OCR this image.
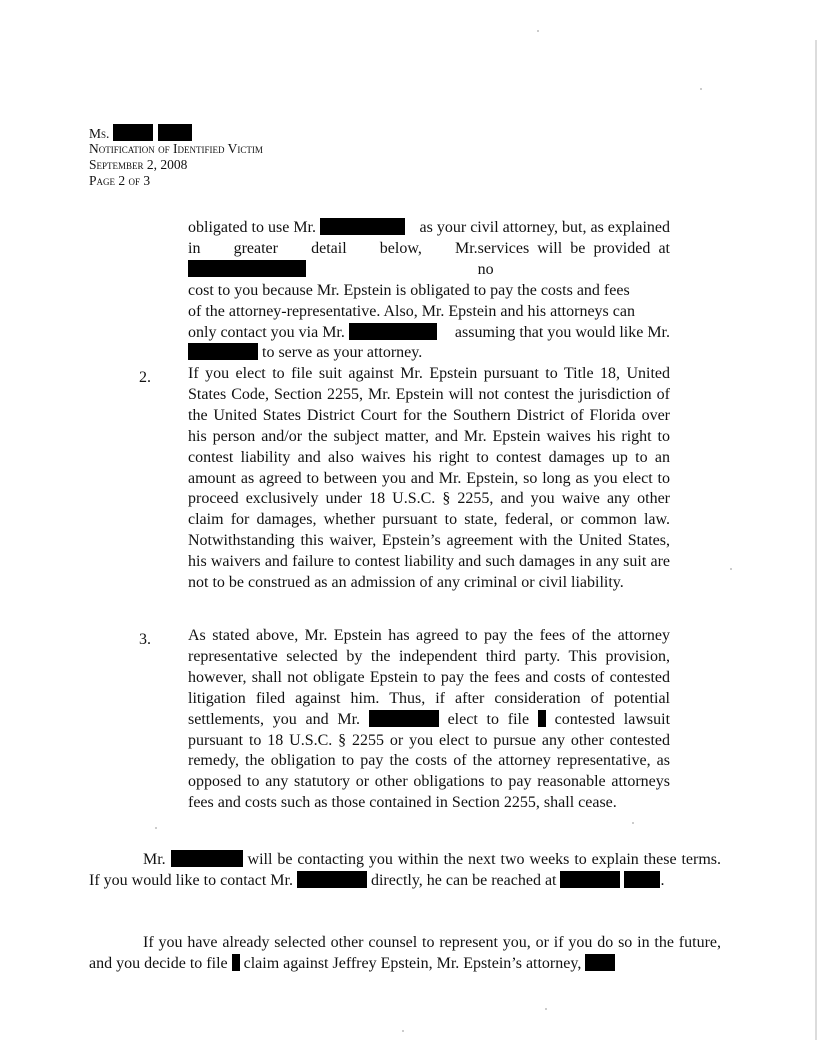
Ms.
Notification of Identified Victim
September 2, 2008
Page 2 of 3
obligated to use Mr.	as your civil attorney, but, as explained
in greater detail below, Mr. services will be provided at no
cost to you because Mr. Epstein is obligated to pay the costs and fees
of the attorney-representative. Also, Mr. Epstein and his attorneys can
only contact you via Mr.	assuming that you would like Mr.
to serve as your attorney.
2. If you elect to file suit against Mr. Epstein pursuant to Title 18, United States Code, Section 2255, Mr. Epstein will not contest the jurisdiction of the United States District Court for the Southern District of Florida over his person and/or the subject matter, and Mr. Epstein waives his right to contest liability and also waives his right to contest damages up to an amount as agreed to between you and Mr. Epstein, so long as you elect to proceed exclusively under 18 U.S.C. § 2255, and you waive any other claim for damages, whether pursuant to state, federal, or common law. Notwithstanding this waiver, Epstein’s agreement with the United States, his waivers and failure to contest liability and such damages in any suit are not to be construed as an admission of any criminal or civil liability.
3. As stated above, Mr. Epstein has agreed to pay the fees of the attorney representative selected by the independent third party. This provision, however, shall not obligate Epstein to pay the fees and costs of contested litigation filed against him. Thus, if after consideration of potential settlements, you and Mr.	elect to file contested lawsuit pursuant to 18 U.S.C. § 2255 or you elect to pursue any other contested remedy, the obligation to pay the costs of the attorney representative, as opposed to any statutory or other obligations to pay reasonable attorneys fees and costs such as those contained in Section 2255, shall cease.
Mr.	will be contacting you within the next two weeks to explain these terms. If you would like to contact Mr.	directly, he can be reached at	.
If you have already selected other counsel to represent you, or if you do so in the future, and you decide to file claim against Jeffrey Epstein, Mr. Epstein’s attorney,
